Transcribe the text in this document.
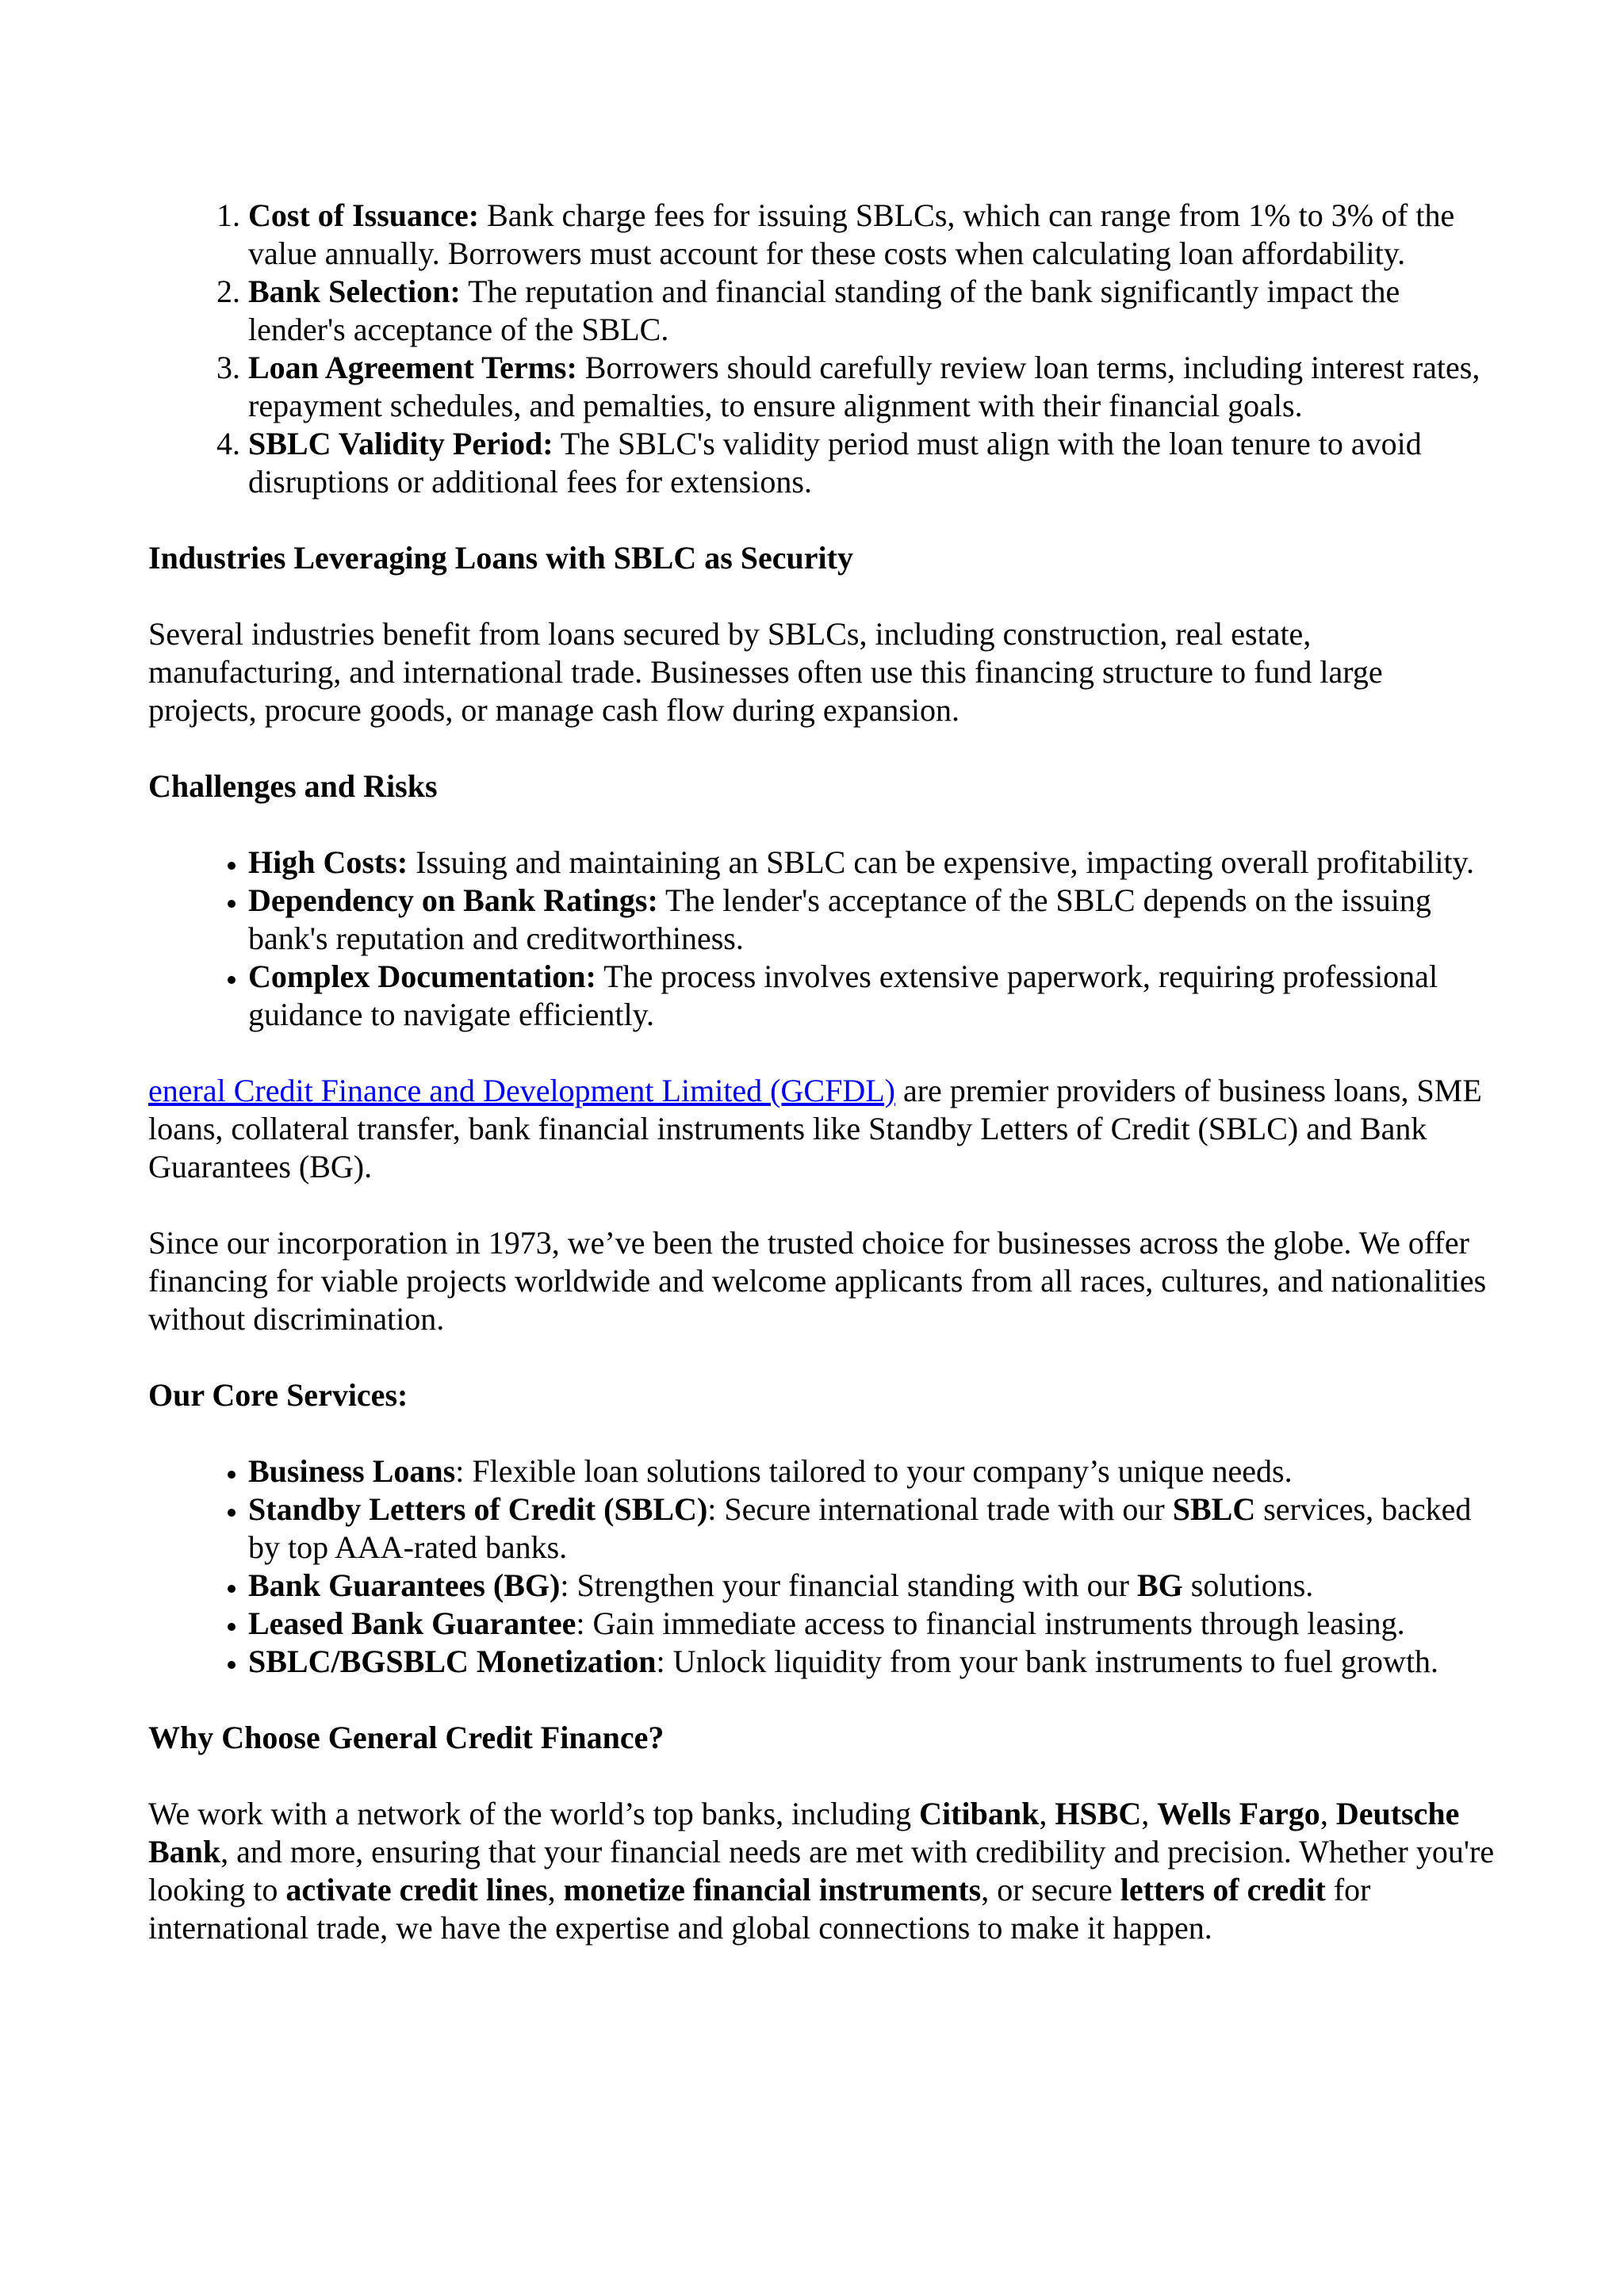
1. Cost of Issuance: Bank charge fees for issuing SBLCs, which can range from 1% to 3% of the value annually. Borrowers must account for these costs when calculating loan affordability.
2. Bank Selection: The reputation and financial standing of the bank significantly impact the lender's acceptance of the SBLC.
3. Loan Agreement Terms: Borrowers should carefully review loan terms, including interest rates, repayment schedules, and pemalties, to ensure alignment with their financial goals.
4. SBLC Validity Period: The SBLC's validity period must align with the loan tenure to avoid disruptions or additional fees for extensions.
Industries Leveraging Loans with SBLC as Security

Several industries benefit from loans secured by SBLCs, including construction, real estate, manufacturing, and international trade. Businesses often use this financing structure to fund large projects, procure goods, or manage cash flow during expansion.

Challenges and Risks
• High Costs: Issuing and maintaining an SBLC can be expensive, impacting overall profitability.
• Dependency on Bank Ratings: The lender's acceptance of the SBLC depends on the issuing bank's reputation and creditworthiness.
• Complex Documentation: The process involves extensive paperwork, requiring professional guidance to navigate efficiently.

eneral Credit Finance and Development Limited (GCFDL) are premier providers of business loans, SME loans, collateral transfer, bank financial instruments like Standby Letters of Credit (SBLC) and Bank Guarantees (BG).

Since our incorporation in 1973, we’ve been the trusted choice for businesses across the globe. We offer financing for viable projects worldwide and welcome applicants from all races, cultures, and nationalities without discrimination.

Our Core Services:
• Business Loans: Flexible loan solutions tailored to your company’s unique needs.
• Standby Letters of Credit (SBLC): Secure international trade with our SBLC services, backed by top AAA-rated banks.
• Bank Guarantees (BG): Strengthen your financial standing with our BG solutions.
• Leased Bank Guarantee: Gain immediate access to financial instruments through leasing.
• SBLC/BGSBLC Monetization: Unlock liquidity from your bank instruments to fuel growth.
Why Choose General Credit Finance?

We work with a network of the world’s top banks, including Citibank, HSBC, Wells Fargo, Deutsche Bank, and more, ensuring that your financial needs are met with credibility and precision. Whether you're looking to activate credit lines, monetize financial instruments, or secure letters of credit for international trade, we have the expertise and global connections to make it happen.
